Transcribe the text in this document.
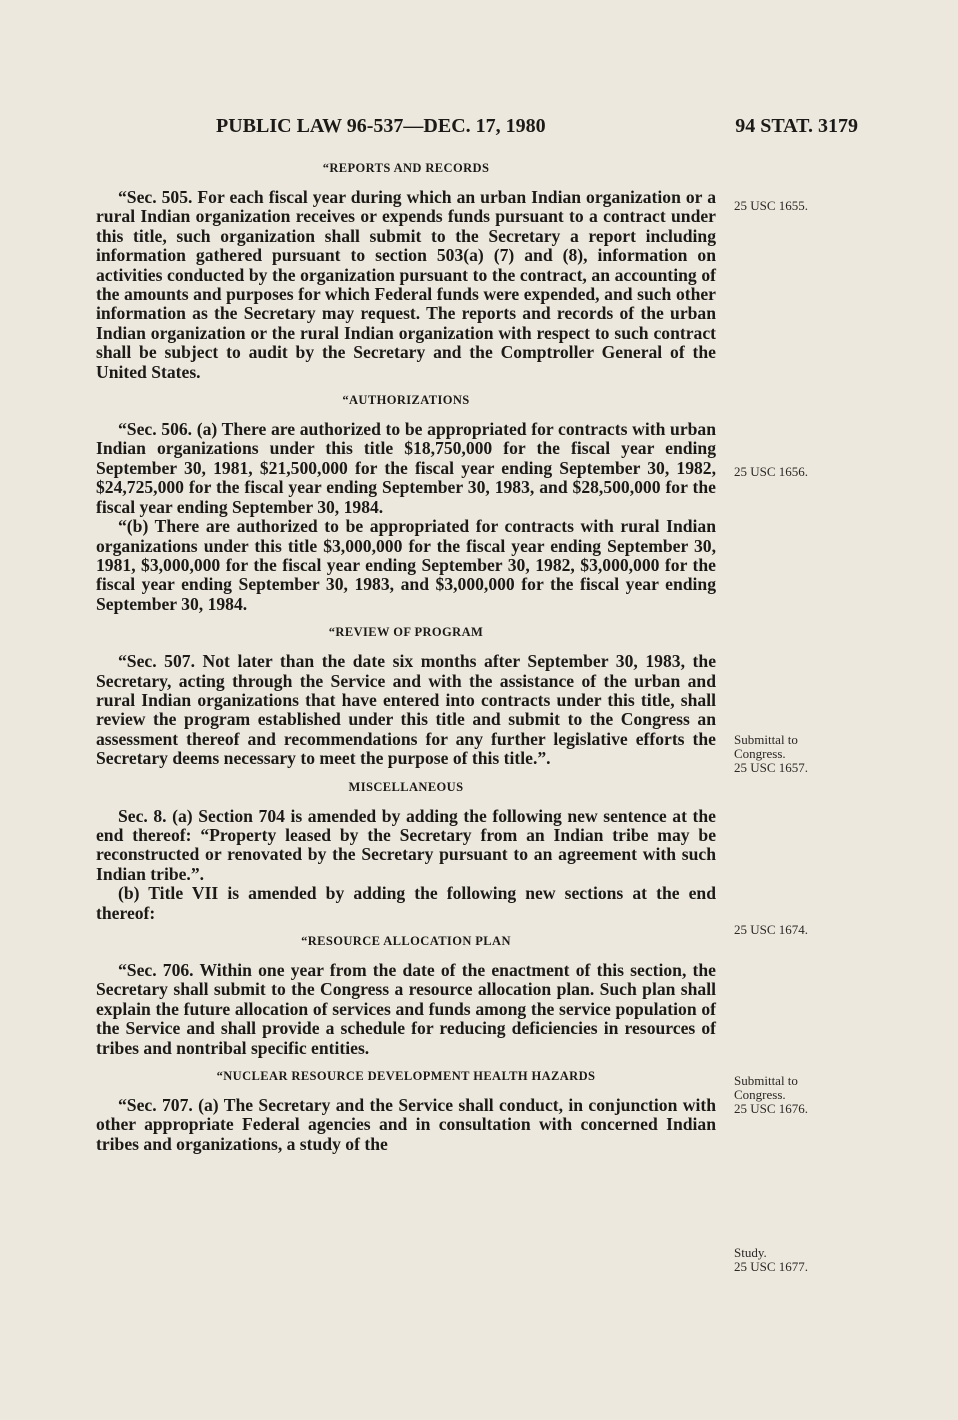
PUBLIC LAW 96-537—DEC. 17, 1980	94 STAT. 3179
“REPORTS AND RECORDS

“Sec. 505. For each fiscal year during which an urban Indian organization or a rural Indian organization receives or expends funds pursuant to a contract under this title, such organization shall submit to the Secretary a report including information gathered pursuant to section 503(a) (7) and (8), information on activities conducted by the organization pursuant to the contract, an accounting of the amounts and purposes for which Federal funds were expended, and such other information as the Secretary may request. The reports and records of the urban Indian organization or the rural Indian organization with respect to such contract shall be subject to audit by the Secretary and the Comptroller General of the United States.

“AUTHORIZATIONS

“Sec. 506. (a) There are authorized to be appropriated for contracts with urban Indian organizations under this title $18,750,000 for the fiscal year ending September 30, 1981, $21,500,000 for the fiscal year ending September 30, 1982, $24,725,000 for the fiscal year ending September 30, 1983, and $28,500,000 for the fiscal year ending September 30, 1984.

“(b) There are authorized to be appropriated for contracts with rural Indian organizations under this title $3,000,000 for the fiscal year ending September 30, 1981, $3,000,000 for the fiscal year ending September 30, 1982, $3,000,000 for the fiscal year ending September 30, 1983, and $3,000,000 for the fiscal year ending September 30, 1984.

“REVIEW OF PROGRAM

“Sec. 507. Not later than the date six months after September 30, 1983, the Secretary, acting through the Service and with the assistance of the urban and rural Indian organizations that have entered into contracts under this title, shall review the program established under this title and submit to the Congress an assessment thereof and recommendations for any further legislative efforts the Secretary deems necessary to meet the purpose of this title.”.

MISCELLANEOUS

Sec. 8. (a) Section 704 is amended by adding the following new sentence at the end thereof: “Property leased by the Secretary from an Indian tribe may be reconstructed or renovated by the Secretary pursuant to an agreement with such Indian tribe.”.

(b) Title VII is amended by adding the following new sections at the end thereof:

“RESOURCE ALLOCATION PLAN

“Sec. 706. Within one year from the date of the enactment of this section, the Secretary shall submit to the Congress a resource allocation plan. Such plan shall explain the future allocation of services and funds among the service population of the Service and shall provide a schedule for reducing deficiencies in resources of tribes and nontribal specific entities.

“NUCLEAR RESOURCE DEVELOPMENT HEALTH HAZARDS

“Sec. 707. (a) The Secretary and the Service shall conduct, in conjunction with other appropriate Federal agencies and in consultation with concerned Indian tribes and organizations, a study of the

25 USC 1655.
25 USC 1656.
Submittal to Congress.
25 USC 1657.
25 USC 1674.
Submittal to Congress.
25 USC 1676.
Study.
25 USC 1677.
